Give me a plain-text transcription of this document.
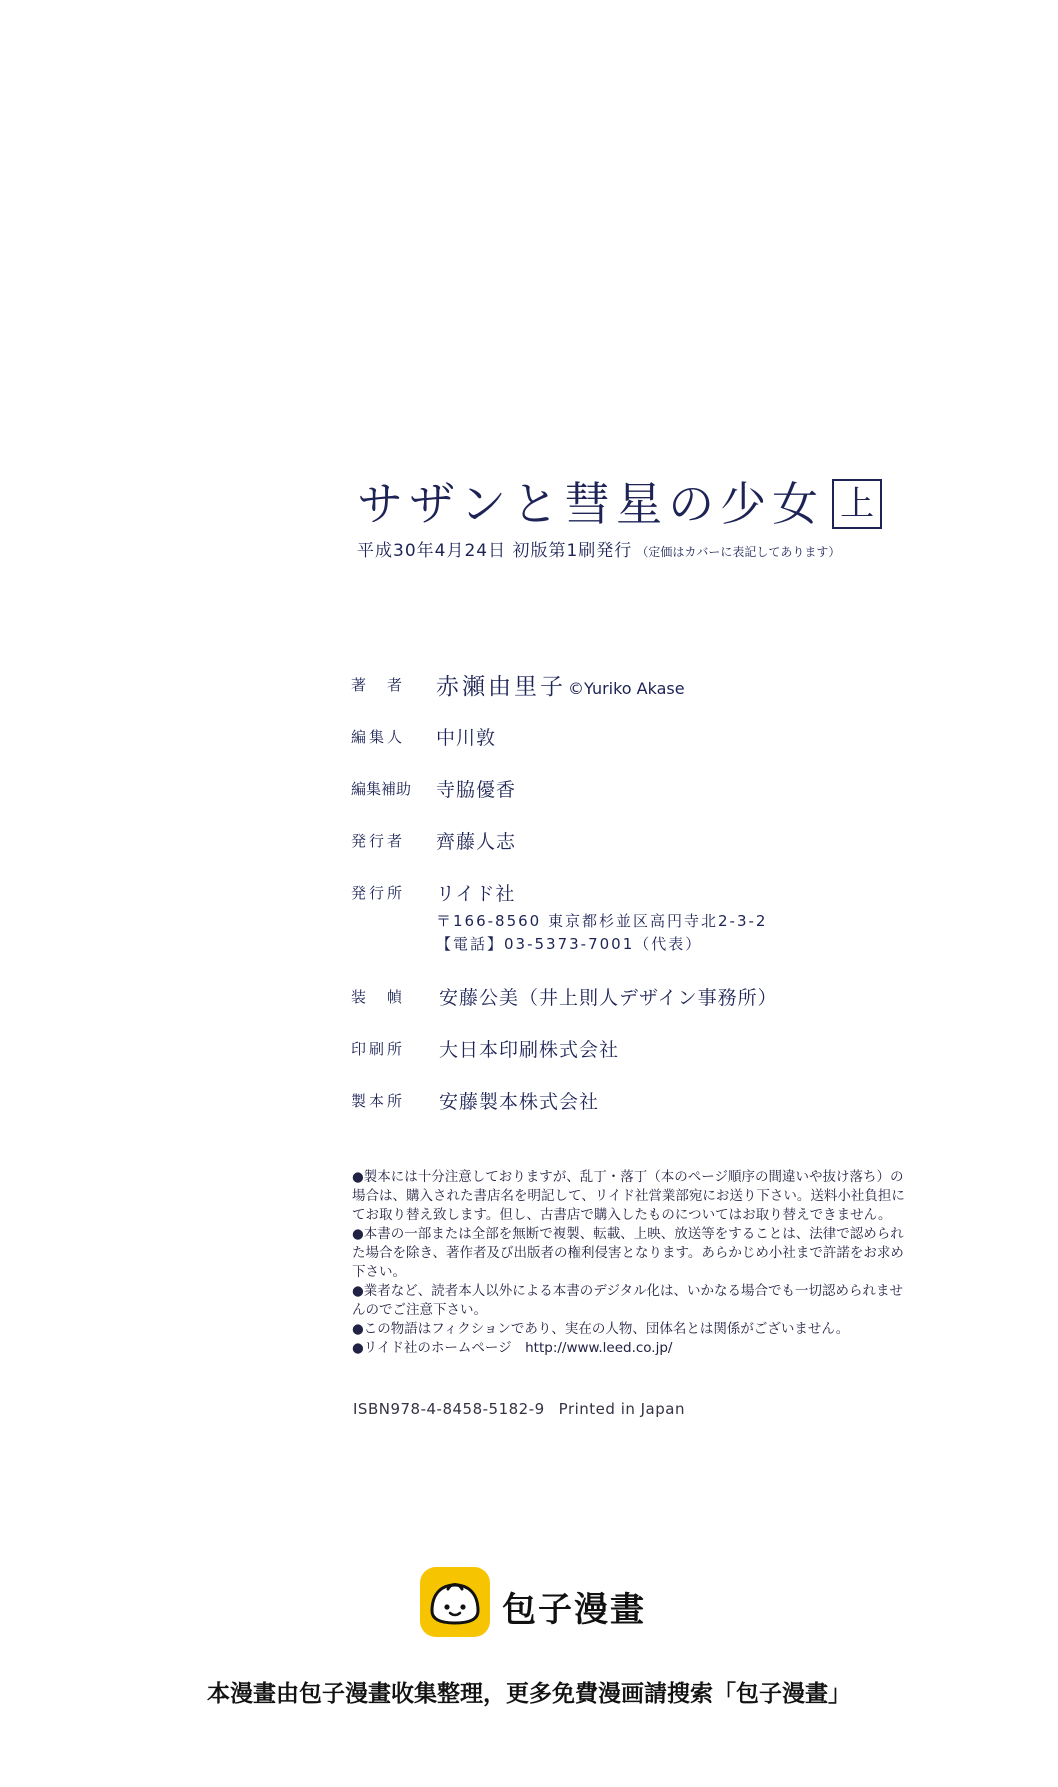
サザンと彗星の少女 上
平成30年4月24日 初版第1刷発行 （定価はカバーに表記してあります）
著　者	赤瀬由里子 ©Yuriko Akase
編集人	中川敦
編集補助	寺脇優香
発行者	齊藤人志
発行所	リイド社
〒166-8560 東京都杉並区高円寺北2-3-2
【電話】03-5373-7001（代表）
装　幀	安藤公美（井上則人デザイン事務所）
印刷所	大日本印刷株式会社
製本所	安藤製本株式会社

●製本には十分注意しておりますが、乱丁・落丁（本のページ順序の間違いや抜け落ち）の場合は、購入された書店名を明記して、リイド社営業部宛にお送り下さい。送料小社負担にてお取り替え致します。但し、古書店で購入したものについてはお取り替えできません。

●本書の一部または全部を無断で複製、転載、上映、放送等をすることは、法律で認められた場合を除き、著作者及び出版者の権利侵害となります。あらかじめ小社まで許諾をお求め下さい。

●業者など、読者本人以外による本書のデジタル化は、いかなる場合でも一切認められませんのでご注意下さい。

●この物語はフィクションであり、実在の人物、団体名とは関係がございません。

●リイド社のホームページ　http://www.leed.co.jp/

ISBN978-4-8458-5182-9 Printed in Japan
包子漫畫
本漫畫由包子漫畫收集整理，更多免費漫画請搜索「包子漫畫」
